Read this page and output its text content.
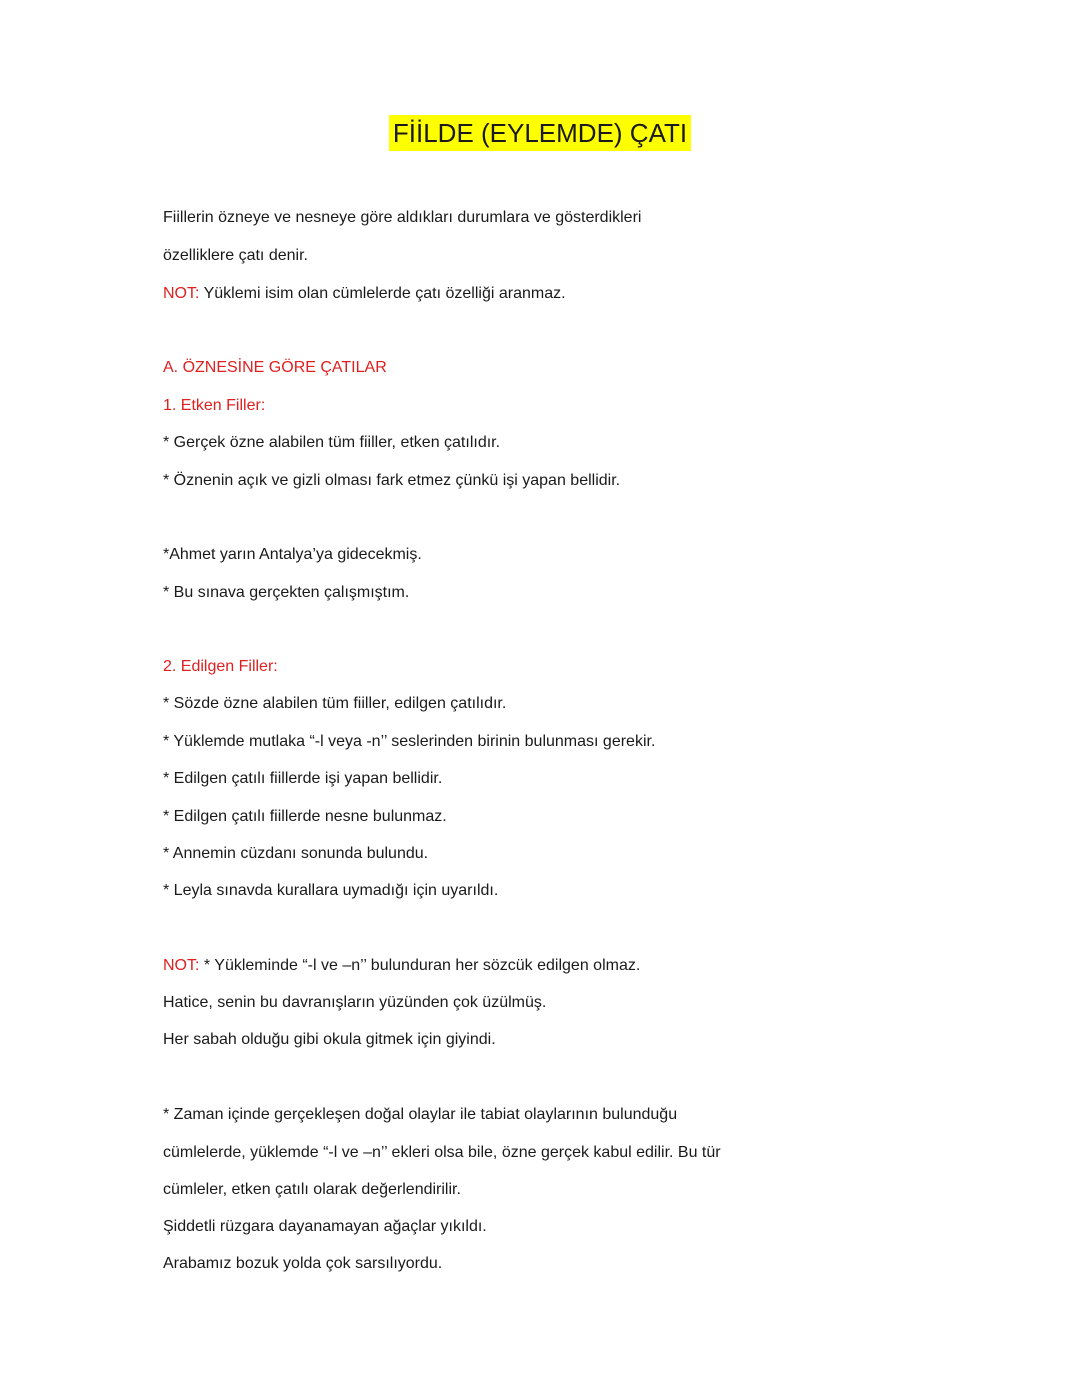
FİİLDE (EYLEMDE) ÇATI
Fiillerin özneye ve nesneye göre aldıkları durumlara ve gösterdikleri
özelliklere çatı denir.
NOT: Yüklemi isim olan cümlelerde çatı özelliği aranmaz.
A. ÖZNESİNE GÖRE ÇATILAR
1. Etken Filler:
* Gerçek özne alabilen tüm fiiller, etken çatılıdır.
* Öznenin açık ve gizli olması fark etmez çünkü işi yapan bellidir.
*Ahmet yarın Antalya’ya gidecekmiş.
* Bu sınava gerçekten çalışmıştım.
2. Edilgen Filler:
* Sözde özne alabilen tüm fiiller, edilgen çatılıdır.
* Yüklemde mutlaka “-l veya -n’’ seslerinden birinin bulunması gerekir.
* Edilgen çatılı fiillerde işi yapan bellidir.
* Edilgen çatılı fiillerde nesne bulunmaz.
* Annemin cüzdanı sonunda bulundu.
* Leyla sınavda kurallara uymadığı için uyarıldı.
NOT: * Yükleminde “-l ve –n’’ bulunduran her sözcük edilgen olmaz.
Hatice, senin bu davranışların yüzünden çok üzülmüş.
Her sabah olduğu gibi okula gitmek için giyindi.
* Zaman içinde gerçekleşen doğal olaylar ile tabiat olaylarının bulunduğu
cümlelerde, yüklemde “-l ve –n’’ ekleri olsa bile, özne gerçek kabul edilir. Bu tür
cümleler, etken çatılı olarak değerlendirilir.
Şiddetli rüzgara dayanamayan ağaçlar yıkıldı.
Arabamız bozuk yolda çok sarsılıyordu.
